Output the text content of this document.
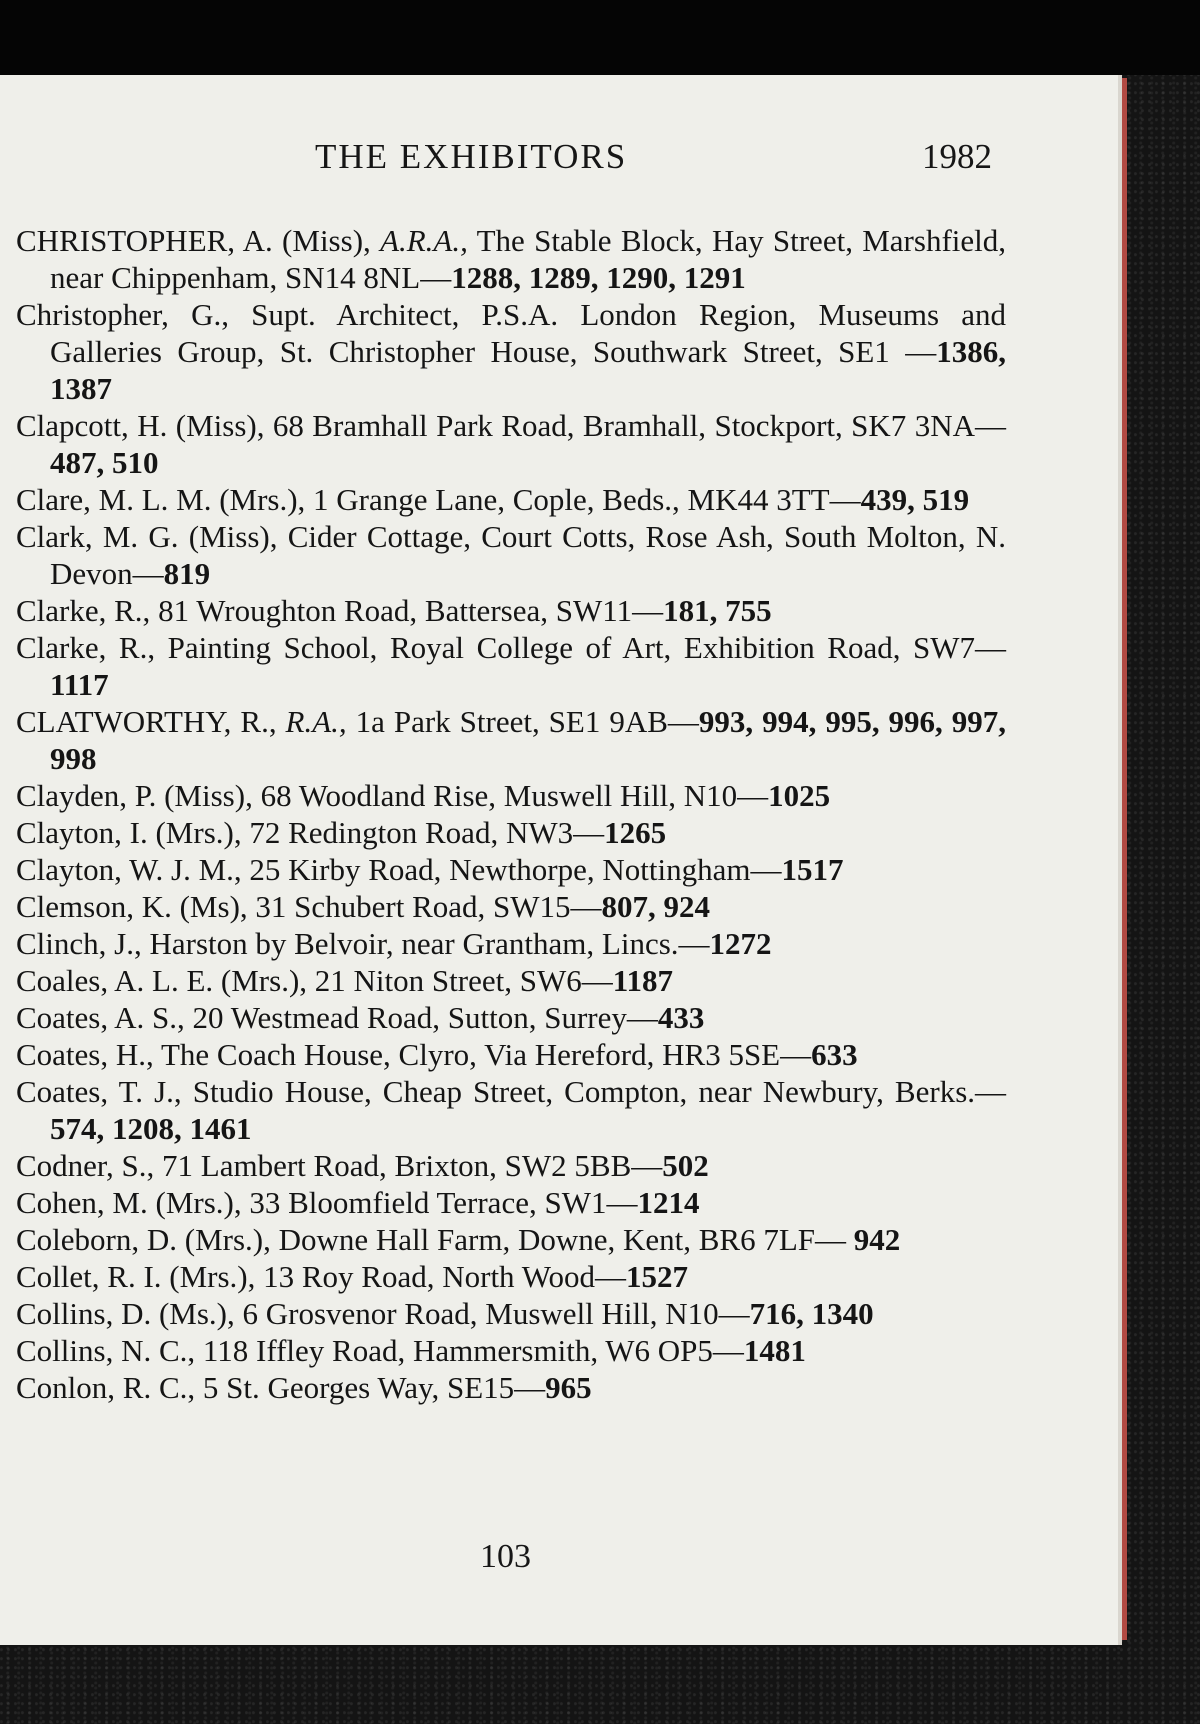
THE EXHIBITORS	1982
CHRISTOPHER, A. (Miss), A.R.A., The Stable Block, Hay Street, Marshfield, near Chippenham, SN14 8NL—1288, 1289, 1290, 1291
Christopher, G., Supt. Architect, P.S.A. London Region, Museums and Galleries Group, St. Christopher House, Southwark Street, SE1 —1386, 1387
Clapcott, H. (Miss), 68 Bramhall Park Road, Bramhall, Stockport, SK7 3NA—487, 510
Clare, M. L. M. (Mrs.), 1 Grange Lane, Cople, Beds., MK44 3TT—439, 519
Clark, M. G. (Miss), Cider Cottage, Court Cotts, Rose Ash, South Molton, N. Devon—819
Clarke, R., 81 Wroughton Road, Battersea, SW11—181, 755
Clarke, R., Painting School, Royal College of Art, Exhibition Road, SW7—1117
CLATWORTHY, R., R.A., 1a Park Street, SE1 9AB—993, 994, 995, 996, 997, 998
Clayden, P. (Miss), 68 Woodland Rise, Muswell Hill, N10—1025
Clayton, I. (Mrs.), 72 Redington Road, NW3—1265
Clayton, W. J. M., 25 Kirby Road, Newthorpe, Nottingham—1517
Clemson, K. (Ms), 31 Schubert Road, SW15—807, 924
Clinch, J., Harston by Belvoir, near Grantham, Lincs.—1272
Coales, A. L. E. (Mrs.), 21 Niton Street, SW6—1187
Coates, A. S., 20 Westmead Road, Sutton, Surrey—433
Coates, H., The Coach House, Clyro, Via Hereford, HR3 5SE—633
Coates, T. J., Studio House, Cheap Street, Compton, near Newbury, Berks.—574, 1208, 1461
Codner, S., 71 Lambert Road, Brixton, SW2 5BB—502
Cohen, M. (Mrs.), 33 Bloomfield Terrace, SW1—1214
Coleborn, D. (Mrs.), Downe Hall Farm, Downe, Kent, BR6 7LF— 942
Collet, R. I. (Mrs.), 13 Roy Road, North Wood—1527
Collins, D. (Ms.), 6 Grosvenor Road, Muswell Hill, N10—716, 1340
Collins, N. C., 118 Iffley Road, Hammersmith, W6 OP5—1481
Conlon, R. C., 5 St. Georges Way, SE15—965
103
